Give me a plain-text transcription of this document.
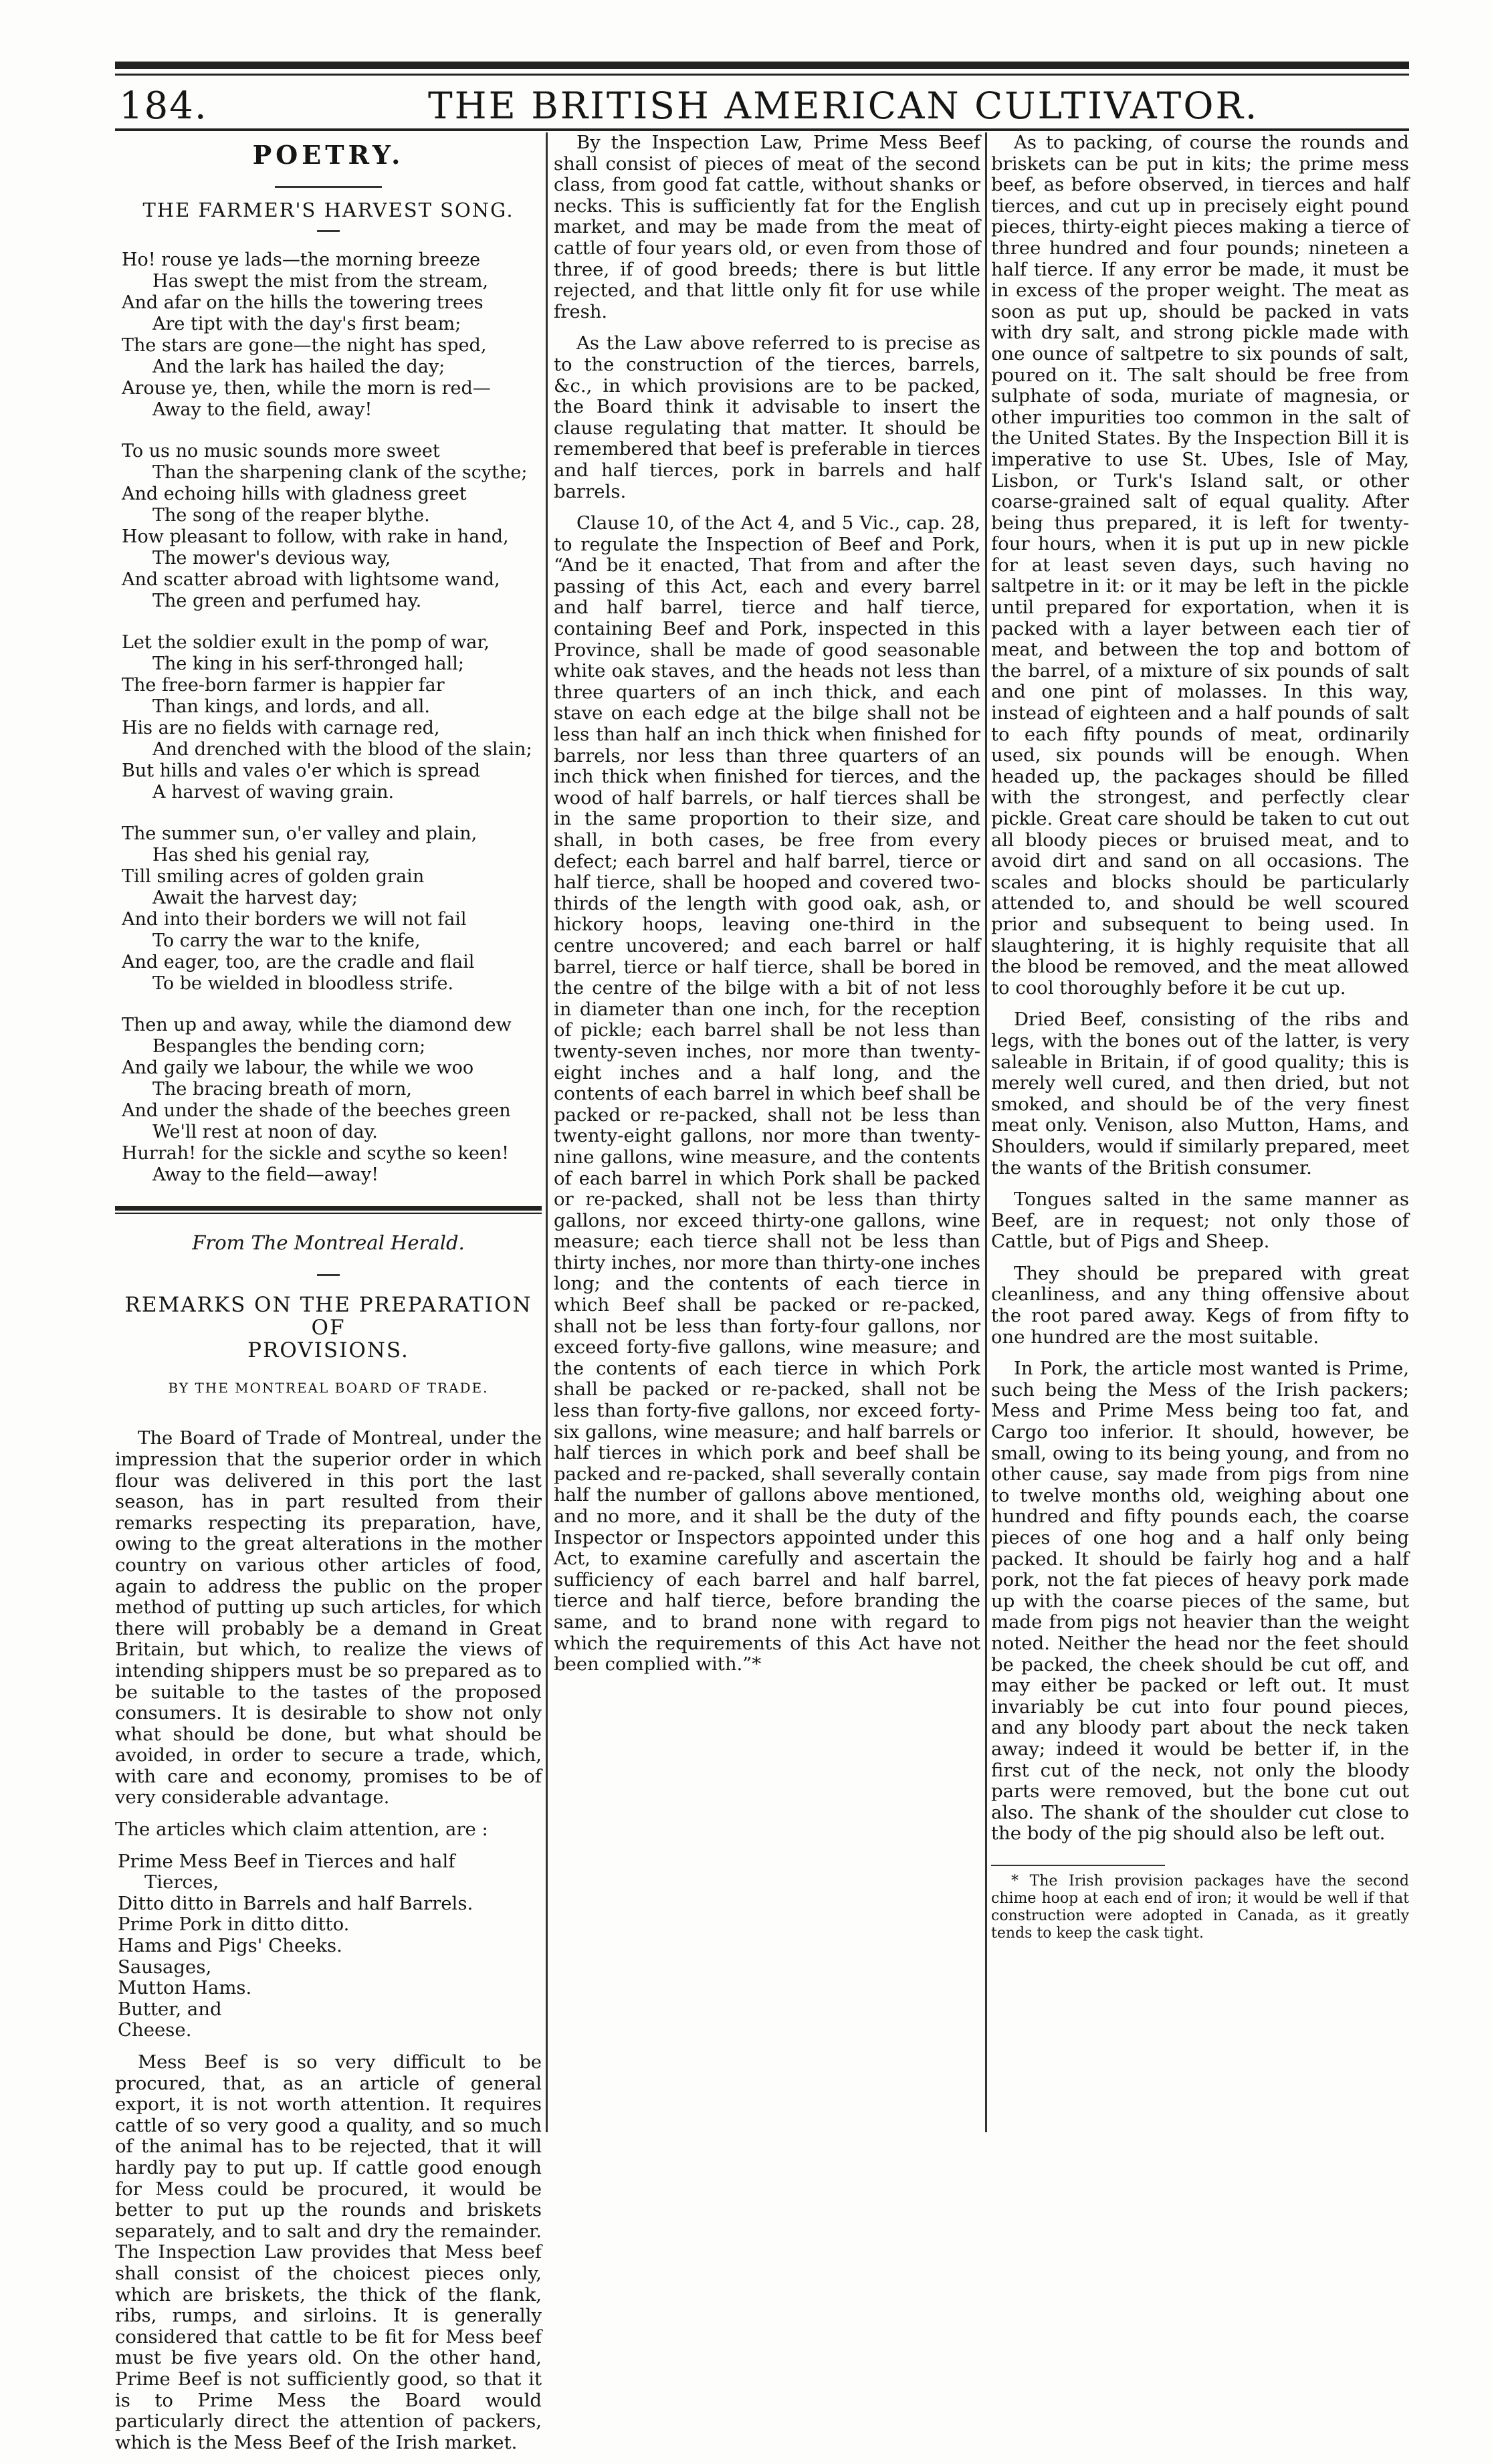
184.	THE BRITISH AMERICAN CULTIVATOR.
POETRY.
THE FARMER'S HARVEST SONG.
Ho! rouse ye lads—the morning breeze
Has swept the mist from the stream,
And afar on the hills the towering trees
Are tipt with the day's first beam;
The stars are gone—the night has sped,
And the lark has hailed the day;
Arouse ye, then, while the morn is red—
Away to the field, away!
To us no music sounds more sweet
Than the sharpening clank of the scythe;
And echoing hills with gladness greet
The song of the reaper blythe.
How pleasant to follow, with rake in hand,
The mower's devious way,
And scatter abroad with lightsome wand,
The green and perfumed hay.
Let the soldier exult in the pomp of war,
The king in his serf-thronged hall;
The free-born farmer is happier far
Than kings, and lords, and all.
His are no fields with carnage red,
And drenched with the blood of the slain;
But hills and vales o'er which is spread
A harvest of waving grain.
The summer sun, o'er valley and plain,
Has shed his genial ray,
Till smiling acres of golden grain
Await the harvest day;
And into their borders we will not fail
To carry the war to the knife,
And eager, too, are the cradle and flail
To be wielded in bloodless strife.
Then up and away, while the diamond dew
Bespangles the bending corn;
And gaily we labour, the while we woo
The bracing breath of morn,
And under the shade of the beeches green
We'll rest at noon of day.
Hurrah! for the sickle and scythe so keen!
Away to the field—away!
From The Montreal Herald.
REMARKS ON THE PREPARATION OF
PROVISIONS.
BY THE MONTREAL BOARD OF TRADE.

The Board of Trade of Montreal, under the impression that the superior order in which flour was delivered in this port the last season, has in part resulted from their remarks respecting its preparation, have, owing to the great alterations in the mother country on various other articles of food, again to address the public on the proper method of putting up such articles, for which there will probably be a demand in Great Britain, but which, to realize the views of intending shippers must be so prepared as to be suitable to the tastes of the proposed consumers. It is desirable to show not only what should be done, but what should be avoided, in order to secure a trade, which, with care and economy, promises to be of very considerable advantage.

The articles which claim attention, are :

Prime Mess Beef in Tierces and half
Tierces,
Ditto ditto in Barrels and half Barrels.
Prime Pork in ditto ditto.
Hams and Pigs' Cheeks.
Sausages,
Mutton Hams.
Butter, and
Cheese.

Mess Beef is so very difficult to be procured, that, as an article of general export, it is not worth attention. It requires cattle of so very good a quality, and so much of the animal has to be rejected, that it will hardly pay to put up. If cattle good enough for Mess could be procured, it would be better to put up the rounds and briskets separately, and to salt and dry the remainder. The Inspection Law provides that Mess beef shall consist of the choicest pieces only, which are briskets, the thick of the flank, ribs, rumps, and sirloins. It is generally considered that cattle to be fit for Mess beef must be five years old. On the other hand, Prime Beef is not sufficiently good, so that it is to Prime Mess the Board would particularly direct the attention of packers, which is the Mess Beef of the Irish market.

By the Inspection Law, Prime Mess Beef shall consist of pieces of meat of the second class, from good fat cattle, without shanks or necks. This is sufficiently fat for the English market, and may be made from the meat of cattle of four years old, or even from those of three, if of good breeds; there is but little rejected, and that little only fit for use while fresh.

As the Law above referred to is precise as to the construction of the tierces, barrels, &c., in which provisions are to be packed, the Board think it advisable to insert the clause regulating that matter. It should be remembered that beef is preferable in tierces and half tierces, pork in barrels and half barrels.

Clause 10, of the Act 4, and 5 Vic., cap. 28, to regulate the Inspection of Beef and Pork, “And be it enacted, That from and after the passing of this Act, each and every barrel and half barrel, tierce and half tierce, containing Beef and Pork, inspected in this Province, shall be made of good seasonable white oak staves, and the heads not less than three quarters of an inch thick, and each stave on each edge at the bilge shall not be less than half an inch thick when finished for barrels, nor less than three quarters of an inch thick when finished for tierces, and the wood of half barrels, or half tierces shall be in the same proportion to their size, and shall, in both cases, be free from every defect; each barrel and half barrel, tierce or half tierce, shall be hooped and covered two-thirds of the length with good oak, ash, or hickory hoops, leaving one-third in the centre uncovered; and each barrel or half barrel, tierce or half tierce, shall be bored in the centre of the bilge with a bit of not less in diameter than one inch, for the reception of pickle; each barrel shall be not less than twenty-seven inches, nor more than twenty-eight inches and a half long, and the contents of each barrel in which beef shall be packed or re-packed, shall not be less than twenty-eight gallons, nor more than twenty-nine gallons, wine measure, and the contents of each barrel in which Pork shall be packed or re-packed, shall not be less than thirty gallons, nor exceed thirty-one gallons, wine measure; each tierce shall not be less than thirty inches, nor more than thirty-one inches long; and the contents of each tierce in which Beef shall be packed or re-packed, shall not be less than forty-four gallons, nor exceed forty-five gallons, wine measure; and the contents of each tierce in which Pork shall be packed or re-packed, shall not be less than forty-five gallons, nor exceed forty-six gallons, wine measure; and half barrels or half tierces in which pork and beef shall be packed and re-packed, shall severally contain half the number of gallons above mentioned, and no more, and it shall be the duty of the Inspector or Inspectors appointed under this Act, to examine carefully and ascertain the sufficiency of each barrel and half barrel, tierce and half tierce, before branding the same, and to brand none with regard to which the requirements of this Act have not been complied with.”*

As to packing, of course the rounds and briskets can be put in kits; the prime mess beef, as before observed, in tierces and half tierces, and cut up in precisely eight pound pieces, thirty-eight pieces making a tierce of three hundred and four pounds; nineteen a half tierce. If any error be made, it must be in excess of the proper weight. The meat as soon as put up, should be packed in vats with dry salt, and strong pickle made with one ounce of saltpetre to six pounds of salt, poured on it. The salt should be free from sulphate of soda, muriate of magnesia, or other impurities too common in the salt of the United States. By the Inspection Bill it is imperative to use St. Ubes, Isle of May, Lisbon, or Turk's Island salt, or other coarse-grained salt of equal quality. After being thus prepared, it is left for twenty-four hours, when it is put up in new pickle for at least seven days, such having no saltpetre in it: or it may be left in the pickle until prepared for exportation, when it is packed with a layer between each tier of meat, and between the top and bottom of the barrel, of a mixture of six pounds of salt and one pint of molasses. In this way, instead of eighteen and a half pounds of salt to each fifty pounds of meat, ordinarily used, six pounds will be enough. When headed up, the packages should be filled with the strongest, and perfectly clear pickle. Great care should be taken to cut out all bloody pieces or bruised meat, and to avoid dirt and sand on all occasions. The scales and blocks should be particularly attended to, and should be well scoured prior and subsequent to being used. In slaughtering, it is highly requisite that all the blood be removed, and the meat allowed to cool thoroughly before it be cut up.

Dried Beef, consisting of the ribs and legs, with the bones out of the latter, is very saleable in Britain, if of good quality; this is merely well cured, and then dried, but not smoked, and should be of the very finest meat only. Venison, also Mutton, Hams, and Shoulders, would if similarly prepared, meet the wants of the British consumer.

Tongues salted in the same manner as Beef, are in request; not only those of Cattle, but of Pigs and Sheep.

They should be prepared with great cleanliness, and any thing offensive about the root pared away. Kegs of from fifty to one hundred are the most suitable.

In Pork, the article most wanted is Prime, such being the Mess of the Irish packers; Mess and Prime Mess being too fat, and Cargo too inferior. It should, however, be small, owing to its being young, and from no other cause, say made from pigs from nine to twelve months old, weighing about one hundred and fifty pounds each, the coarse pieces of one hog and a half only being packed. It should be fairly hog and a half pork, not the fat pieces of heavy pork made up with the coarse pieces of the same, but made from pigs not heavier than the weight noted. Neither the head nor the feet should be packed, the cheek should be cut off, and may either be packed or left out. It must invariably be cut into four pound pieces, and any bloody part about the neck taken away; indeed it would be better if, in the first cut of the neck, not only the bloody parts were removed, but the bone cut out also. The shank of the shoulder cut close to the body of the pig should also be left out.

* The Irish provision packages have the second chime hoop at each end of iron; it would be well if that construction were adopted in Canada, as it greatly tends to keep the cask tight.
